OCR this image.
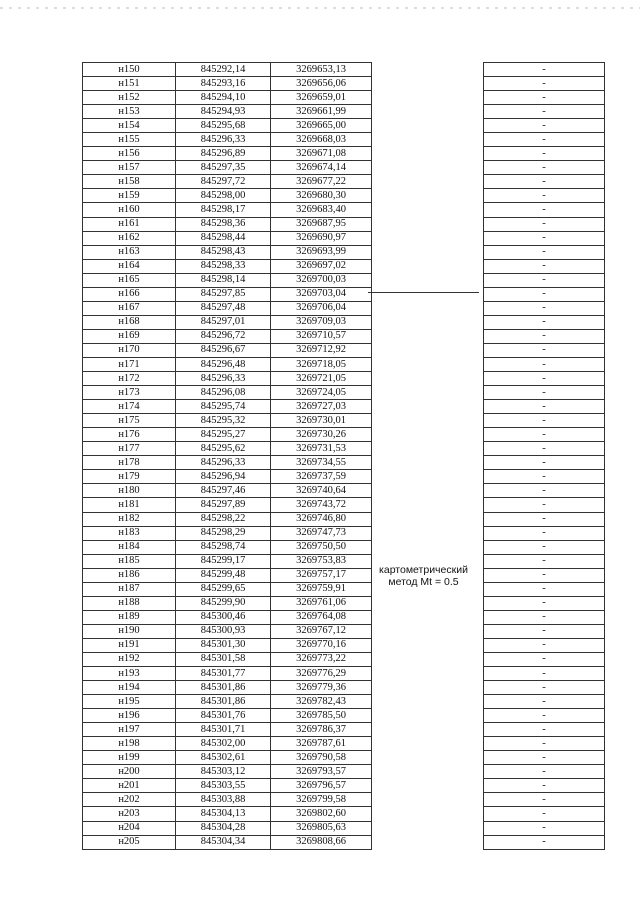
н150	845292,14	3269653,13		-
н151	845293,16	3269656,06		-
н152	845294,10	3269659,01		-
н153	845294,93	3269661,99		-
н154	845295,68	3269665,00		-
н155	845296,33	3269668,03		-
н156	845296,89	3269671,08		-
н157	845297,35	3269674,14		-
н158	845297,72	3269677,22		-
н159	845298,00	3269680,30		-
н160	845298,17	3269683,40		-
н161	845298,36	3269687,95		-
н162	845298,44	3269690,97		-
н163	845298,43	3269693,99		-
н164	845298,33	3269697,02		-
н165	845298,14	3269700,03		-
н166	845297,85	3269703,04		-
н167	845297,48	3269706,04		-
н168	845297,01	3269709,03		-
н169	845296,72	3269710,57		-
н170	845296,67	3269712,92		-
н171	845296,48	3269718,05		-
н172	845296,33	3269721,05		-
н173	845296,08	3269724,05		-
н174	845295,74	3269727,03		-
н175	845295,32	3269730,01		-
н176	845295,27	3269730,26		-
н177	845295,62	3269731,53		-
н178	845296,33	3269734,55		-
н179	845296,94	3269737,59		-
н180	845297,46	3269740,64		-
н181	845297,89	3269743,72		-
н182	845298,22	3269746,80		-
н183	845298,29	3269747,73		-
н184	845298,74	3269750,50		-
н185	845299,17	3269753,83		-
н186	845299,48	3269757,17		-
н187	845299,65	3269759,91		-
н188	845299,90	3269761,06		-
н189	845300,46	3269764,08		-
н190	845300,93	3269767,12		-
н191	845301,30	3269770,16		-
н192	845301,58	3269773,22		-
н193	845301,77	3269776,29		-
н194	845301,86	3269779,36		-
н195	845301,86	3269782,43		-
н196	845301,76	3269785,50		-
н197	845301,71	3269786,37		-
н198	845302,00	3269787,61		-
н199	845302,61	3269790,58		-
н200	845303,12	3269793,57		-
н201	845303,55	3269796,57		-
н202	845303,88	3269799,58		-
н203	845304,13	3269802,60		-
н204	845304,28	3269805,63		-
н205	845304,34	3269808,66		-
картометрический
метод Mt = 0.5
